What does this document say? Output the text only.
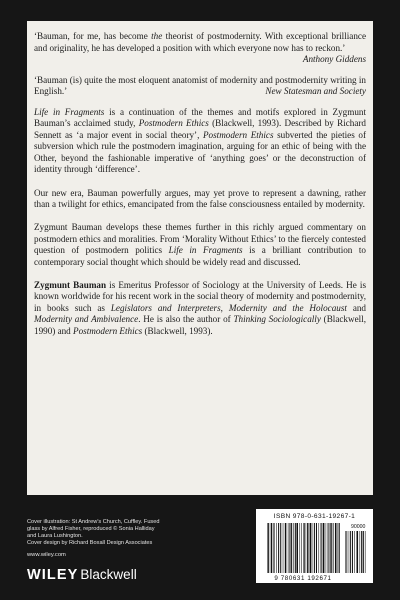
‘Bauman, for me, has become the theorist of postmodernity. With exceptional brilliance and originality, he has developed a position with which everyone now has to reckon.’

Anthony Giddens

‘Bauman (is) quite the most eloquent anatomist of modernity and postmodernity writing in English.’	New Statesman and Society

Life in Fragments is a continuation of the themes and motifs explored in Zygmunt Bauman’s acclaimed study, Postmodern Ethics (Blackwell, 1993). Described by Richard Sennett as ‘a major event in social theory’, Postmodern Ethics subverted the pieties of subversion which rule the postmodern imagination, arguing for an ethic of being with the Other, beyond the fashionable imperative of ‘anything goes’ or the deconstruction of identity through ‘difference’.

Our new era, Bauman powerfully argues, may yet prove to represent a dawning, rather than a twilight for ethics, emancipated from the false consciousness entailed by modernity.

Zygmunt Bauman develops these themes further in this richly argued commentary on postmodern ethics and moralities. From ‘Morality Without Ethics’ to the fiercely contested question of postmodern politics Life in Fragments is a brilliant contribution to contemporary social thought which should be widely read and discussed.

Zygmunt Bauman is Emeritus Professor of Sociology at the University of Leeds. He is known worldwide for his recent work in the social theory of modernity and postmodernity, in books such as Legislators and Interpreters, Modernity and the Holocaust and Modernity and Ambivalence. He is also the author of Thinking Sociologically (Blackwell, 1990) and Postmodern Ethics (Blackwell, 1993).

Cover illustration: St Andrew’s Church, Cuffley. Fused
glass by Alfred Fisher, reproduced © Sonia Halliday
and Laura Lushington.
Cover design by Richard Boxall Design Associates
www.wiley.com
WILEY Blackwell
ISBN 978-0-631-19267-1
9 780631 192671
90000
